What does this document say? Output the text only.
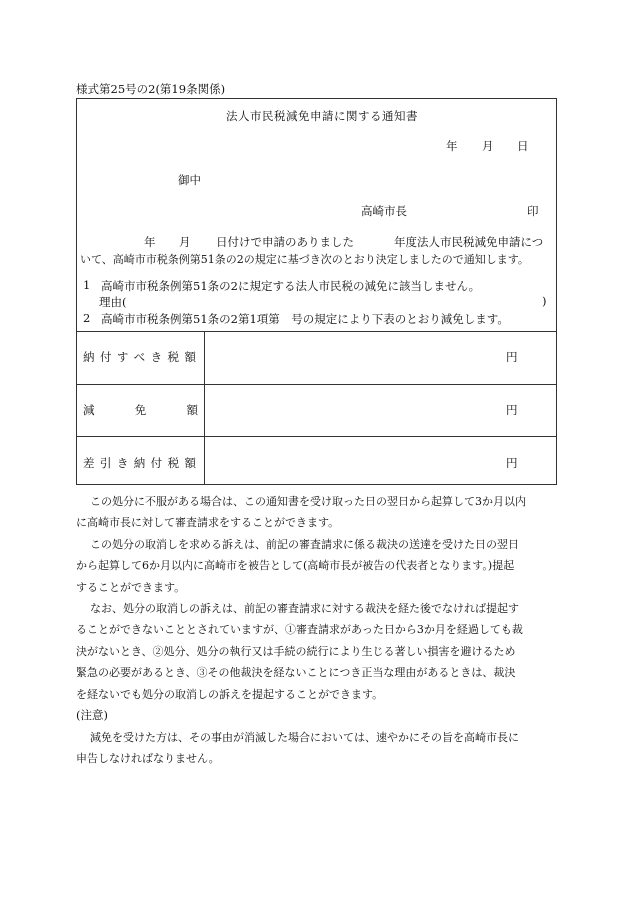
様式第25号の2(第19条関係)
法人市民税減免申請に関する通知書
年 月 日
御中
高崎市長	印
年 月 日付けで申請のありました	年度法人市民税減免申請につ
いて、高崎市市税条例第51条の2の規定に基づき次のとおり決定しましたので通知します。
1 高崎市市税条例第51条の2に規定する法人市民税の減免に該当しません。
理由(	)
2 高崎市市税条例第51条の2第1項第　号の規定により下表のとおり減免します。
納付すべき税額	円
減免額	円
差引き納付税額	円
この処分に不服がある場合は、この通知書を受け取った日の翌日から起算して3か月以内
に高崎市長に対して審査請求をすることができます。
この処分の取消しを求める訴えは、前記の審査請求に係る裁決の送達を受けた日の翌日
から起算して6か月以内に高崎市を被告として(高崎市長が被告の代表者となります。)提起
することができます。
なお、処分の取消しの訴えは、前記の審査請求に対する裁決を経た後でなければ提起す
ることができないこととされていますが、①審査請求があった日から3か月を経過しても裁
決がないとき、②処分、処分の執行又は手続の続行により生じる著しい損害を避けるため
緊急の必要があるとき、③その他裁決を経ないことにつき正当な理由があるときは、裁決
を経ないでも処分の取消しの訴えを提起することができます。
(注意)
減免を受けた方は、その事由が消滅した場合においては、速やかにその旨を高崎市長に
申告しなければなりません。
